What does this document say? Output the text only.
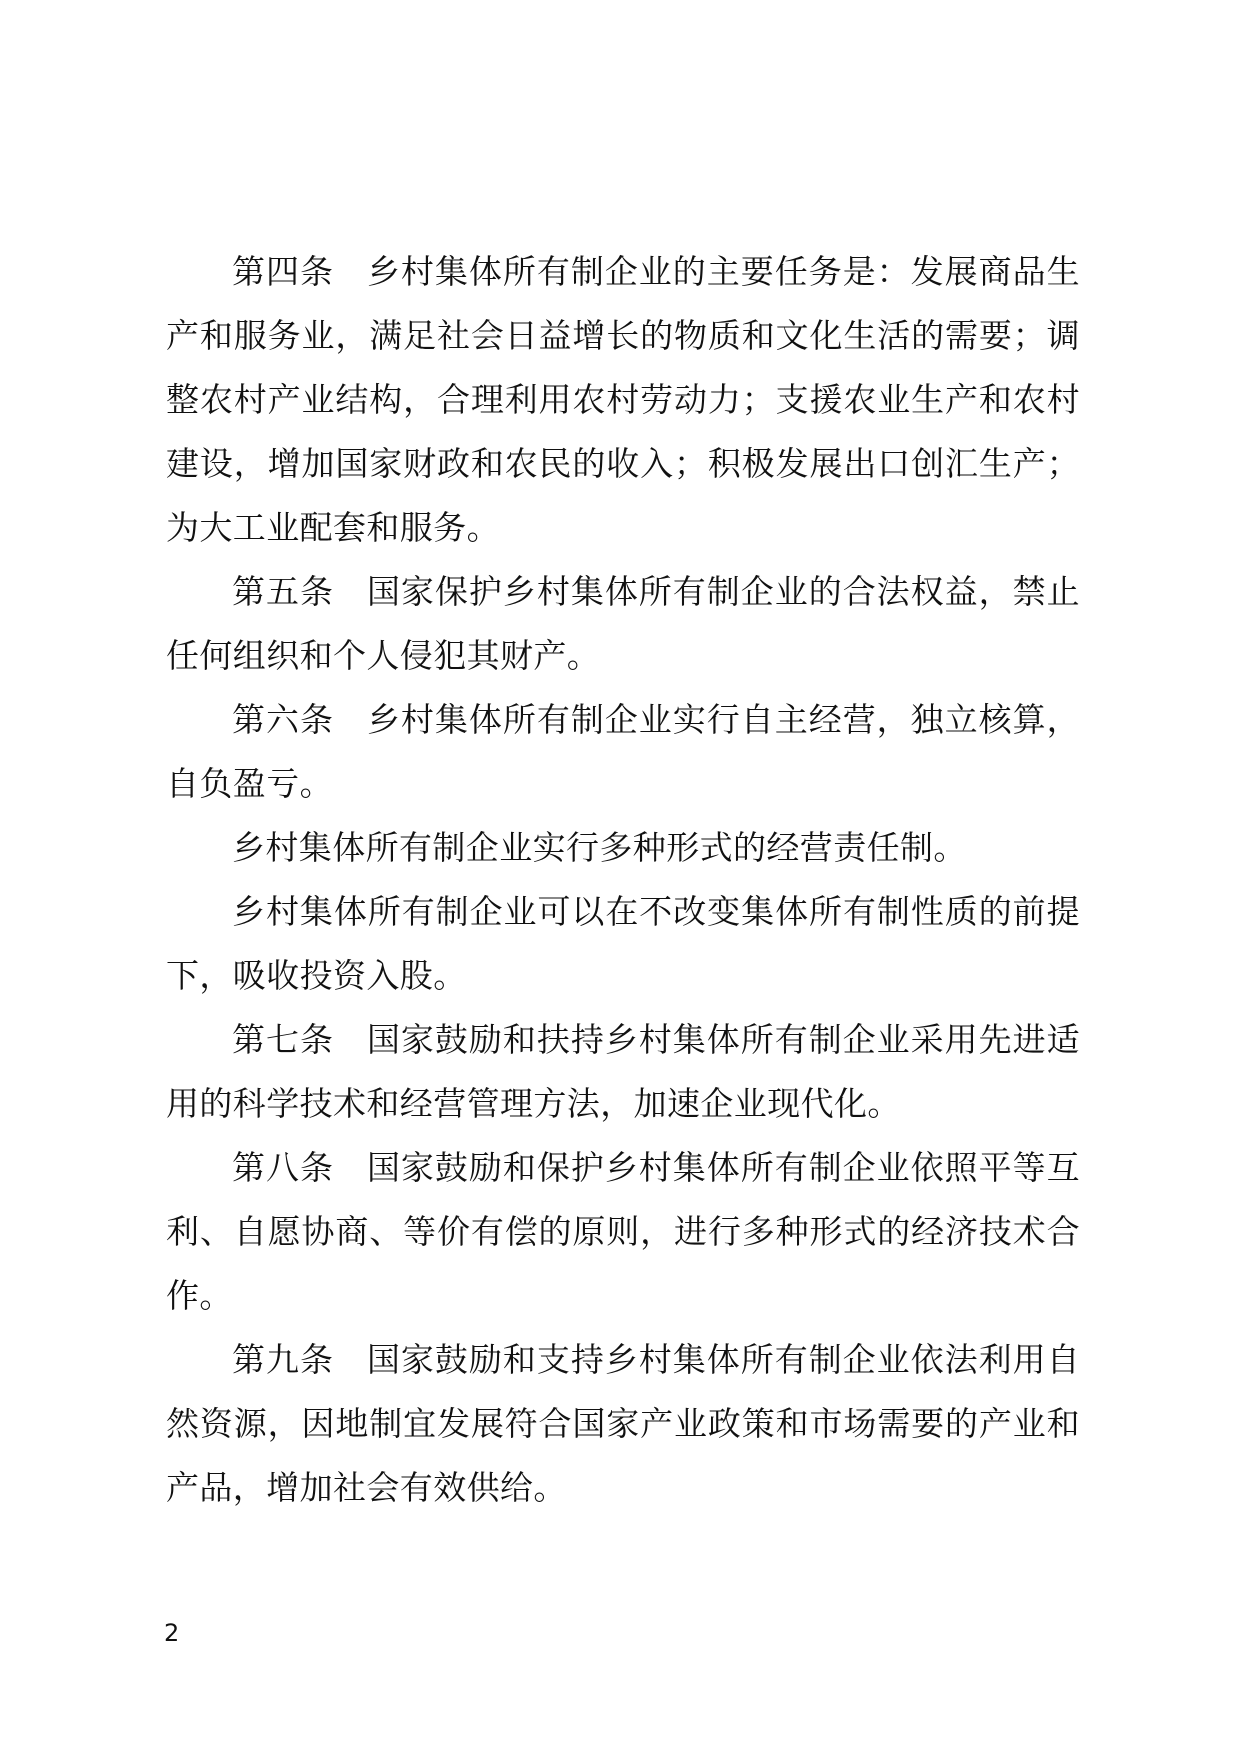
第四条 乡村集体所有制企业的主要任务是：发展商品生产和服务业，满足社会日益增长的物质和文化生活的需要；调整农村产业结构，合理利用农村劳动力；支援农业生产和农村建设，增加国家财政和农民的收入；积极发展出口创汇生产；为大工业配套和服务。

第五条 国家保护乡村集体所有制企业的合法权益，禁止任何组织和个人侵犯其财产。

第六条 乡村集体所有制企业实行自主经营，独立核算，自负盈亏。

乡村集体所有制企业实行多种形式的经营责任制。

乡村集体所有制企业可以在不改变集体所有制性质的前提下，吸收投资入股。

第七条 国家鼓励和扶持乡村集体所有制企业采用先进适用的科学技术和经营管理方法，加速企业现代化。

第八条 国家鼓励和保护乡村集体所有制企业依照平等互利、自愿协商、等价有偿的原则，进行多种形式的经济技术合作。

第九条 国家鼓励和支持乡村集体所有制企业依法利用自然资源，因地制宜发展符合国家产业政策和市场需要的产业和产品，增加社会有效供给。

2
